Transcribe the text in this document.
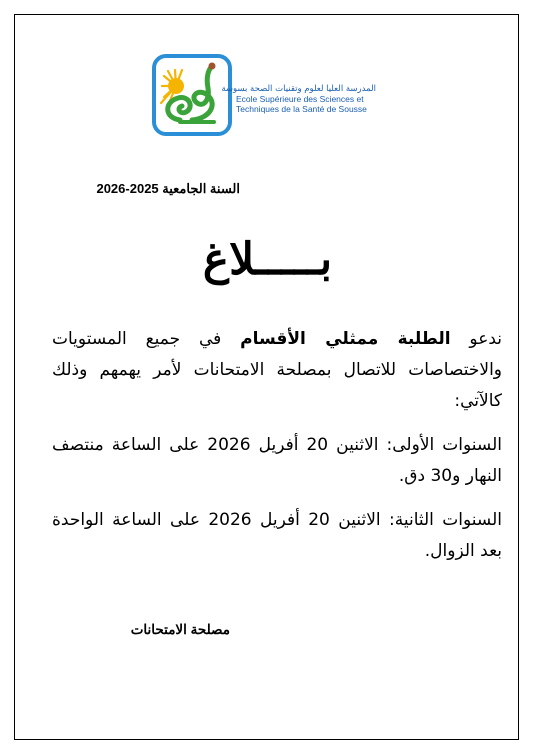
المدرسة العليا لعلوم وتقنيات الصحة بسوسة
Ecole Supérieure des Sciences et
Techniques de la Santé de Sousse
السنة الجامعية 2025-2026
بـــــلاغ
ندعو الطلبة ممثلي الأقسام في جميع المستويات والاختصاصات للاتصال بمصلحة الامتحانات لأمر يهمهم وذلك كالآتي:
السنوات الأولى: الاثنين 20 أفريل 2026 على الساعة منتصف النهار و30 دق.
السنوات الثانية: الاثنين 20 أفريل 2026 على الساعة الواحدة بعد الزوال.
مصلحة الامتحانات
